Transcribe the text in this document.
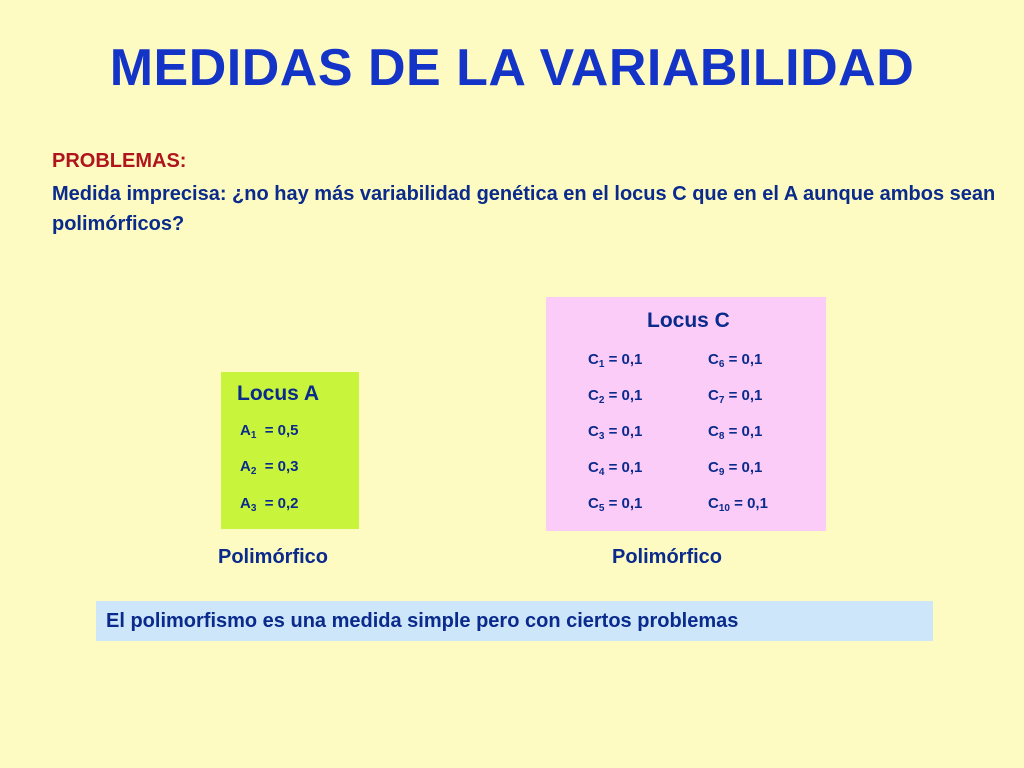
MEDIDAS DE LA VARIABILIDAD
PROBLEMAS:
Medida imprecisa: ¿no hay más variabilidad genética en el locus C que en el A aunque ambos sean polimórficos?
Locus A
$A_1 = 0,5$
$A_2 = 0,3$
$A_3 = 0,2$
Polimórfico
Locus C
$C_1 = 0,1$
$C_2 = 0,1$
$C_3 = 0,1$
$C_4 = 0,1$
$C_5 = 0,1$
$C_6 = 0,1$
$C_7 = 0,1$
$C_8 = 0,1$
$C_9 = 0,1$
$C_{10} = 0,1$
Polimórfico
El polimorfismo es una medida simple pero con ciertos problemas
